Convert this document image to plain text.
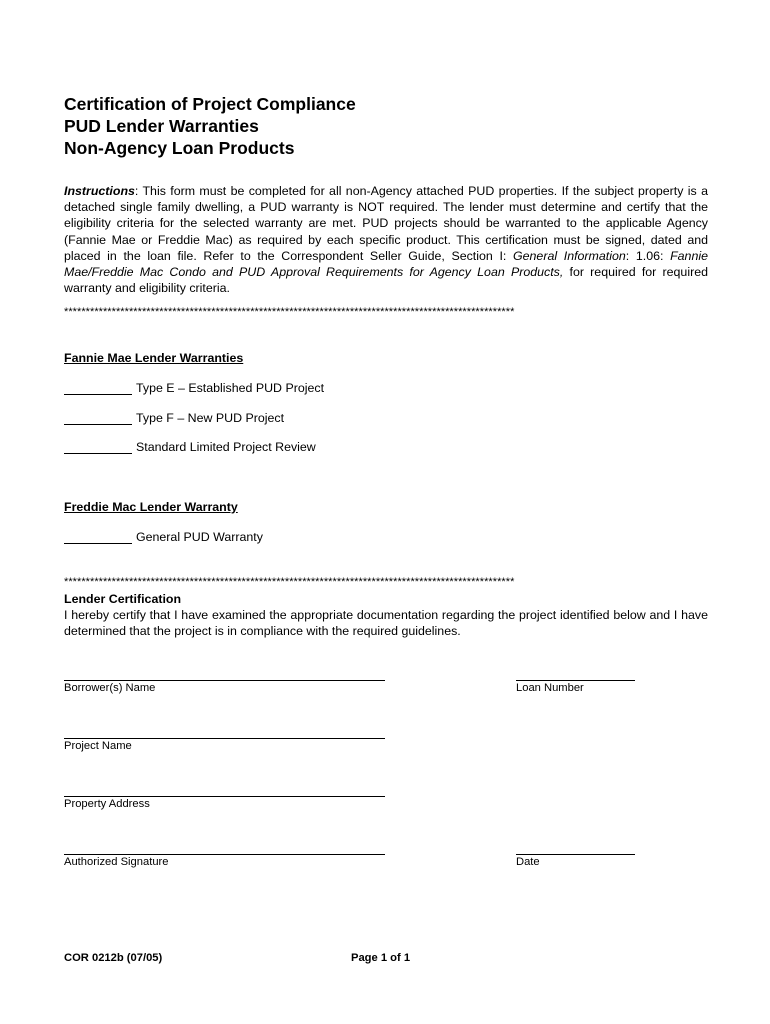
Certification of Project Compliance
PUD Lender Warranties
Non-Agency Loan Products
Instructions: This form must be completed for all non-Agency attached PUD properties. If the subject property is a detached single family dwelling, a PUD warranty is NOT required. The lender must determine and certify that the eligibility criteria for the selected warranty are met. PUD projects should be warranted to the applicable Agency (Fannie Mae or Freddie Mac) as required by each specific product. This certification must be signed, dated and placed in the loan file. Refer to the Correspondent Seller Guide, Section I: General Information: 1.06: Fannie Mae/Freddie Mac Condo and PUD Approval Requirements for Agency Loan Products, for required for required warranty and eligibility criteria.
********************************************************************************************************
Fannie Mae Lender Warranties
Type E – Established PUD Project
Type F – New PUD Project
Standard Limited Project Review
Freddie Mac Lender Warranty
General PUD Warranty
********************************************************************************************************
Lender Certification
I hereby certify that I have examined the appropriate documentation regarding the project identified below and I have determined that the project is in compliance with the required guidelines.
Borrower(s) Name	Loan Number
Project Name
Property Address
Authorized Signature	Date
COR 0212b (07/05)	Page 1 of 1
